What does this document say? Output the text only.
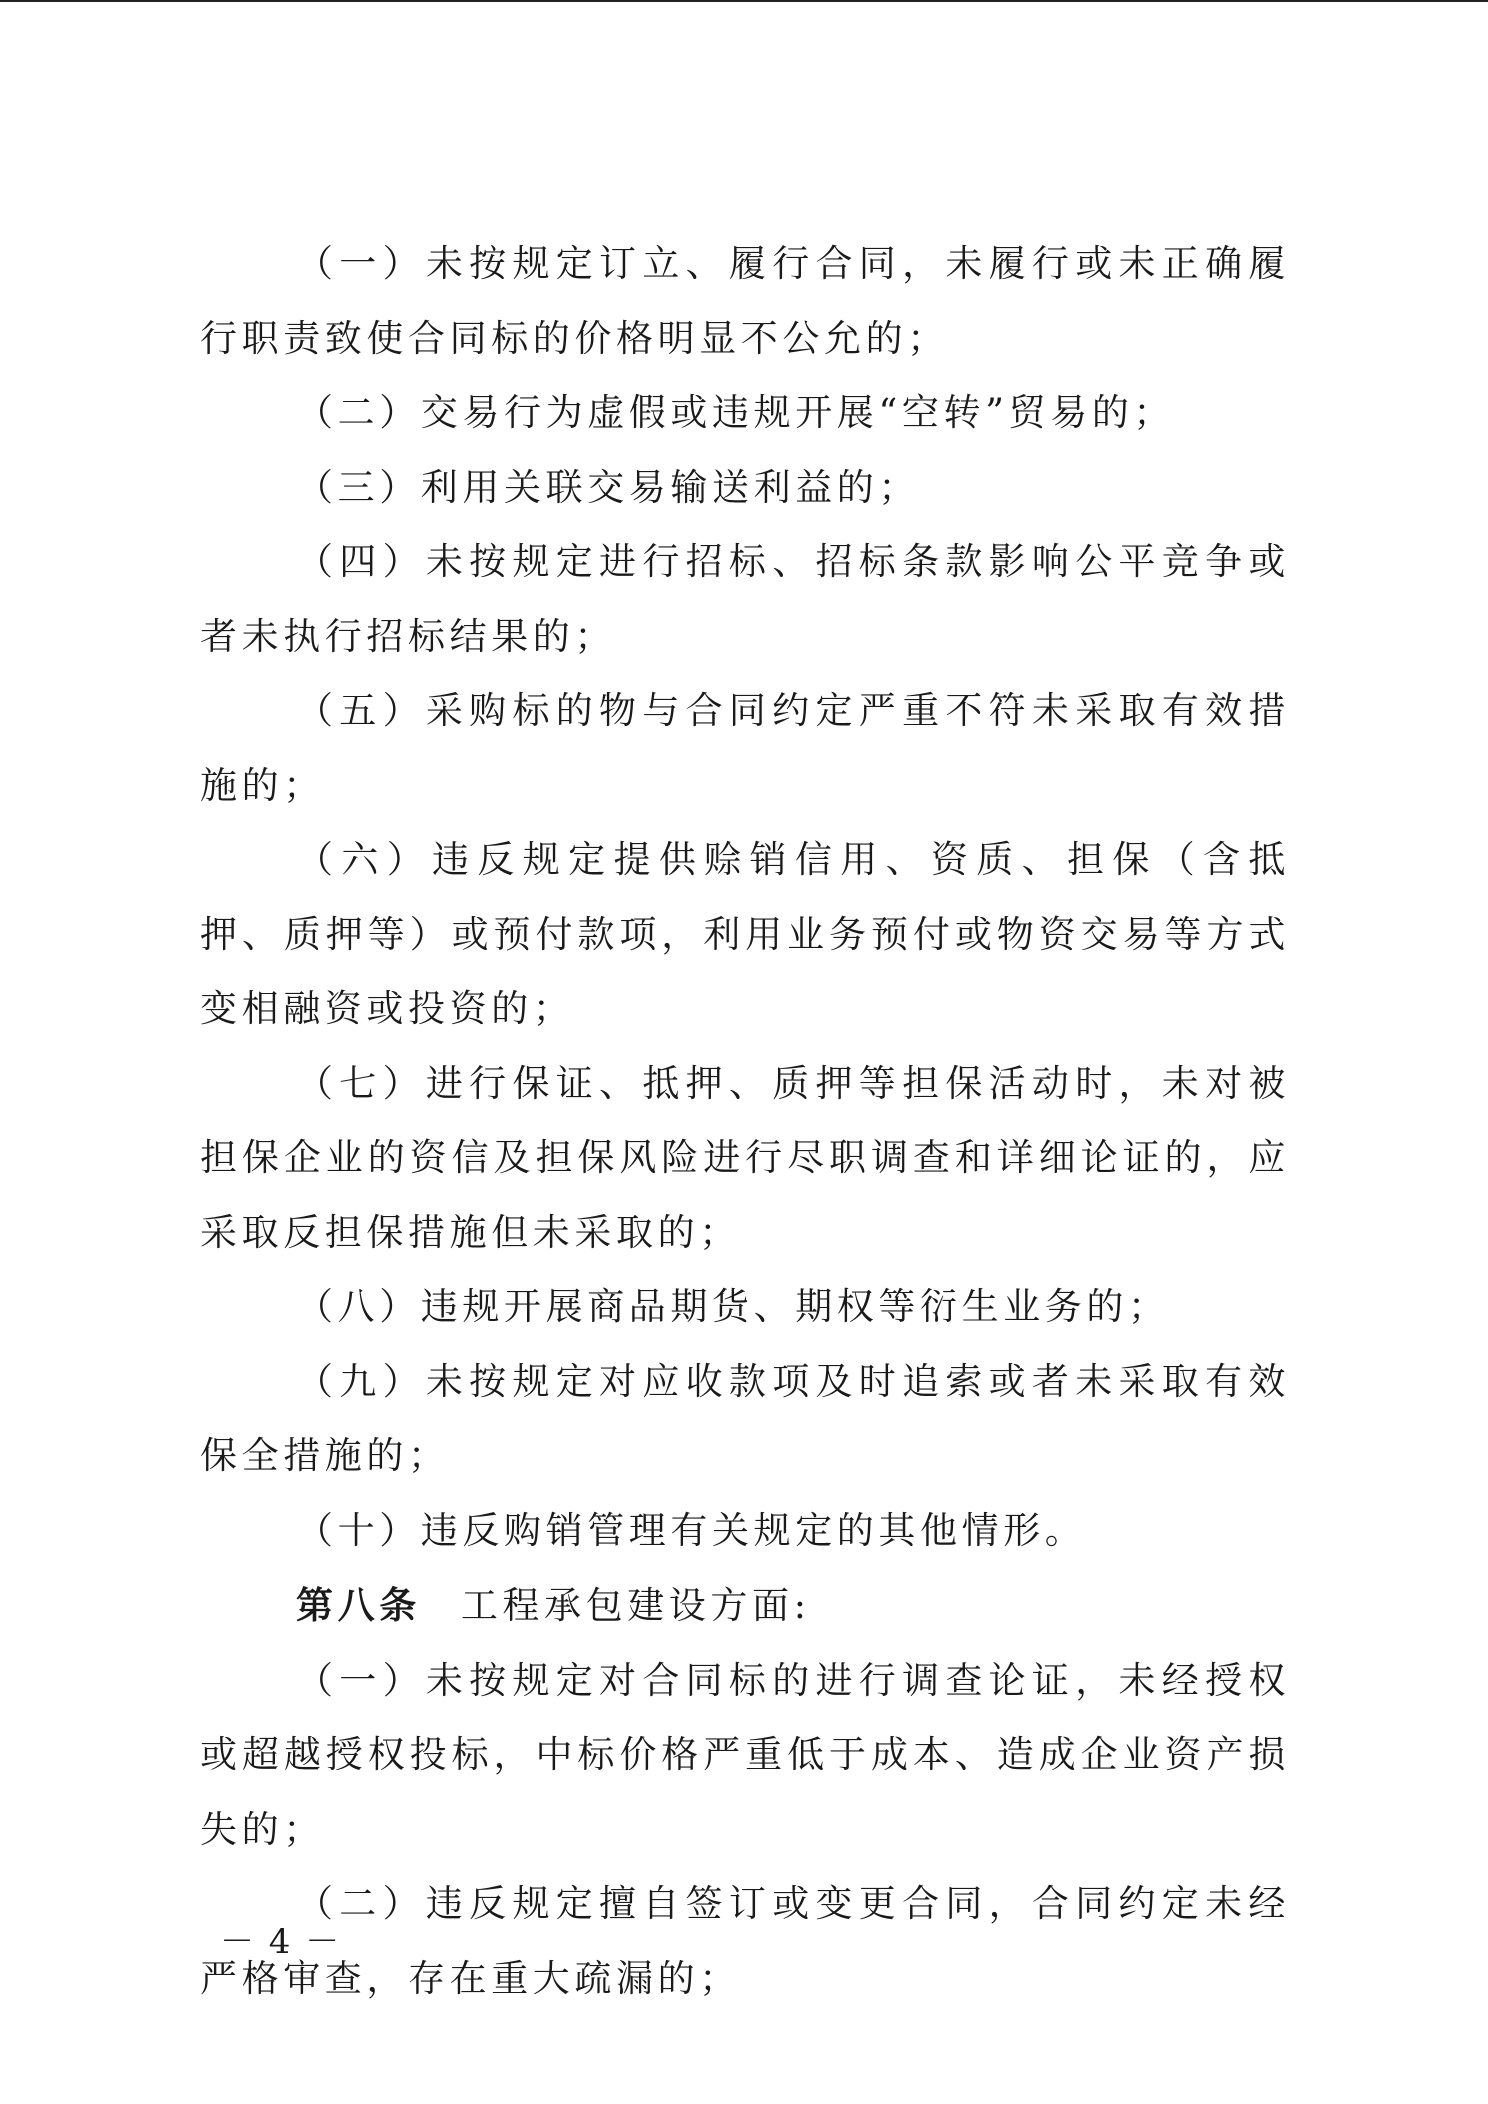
（一）未按规定订立、履行合同，未履行或未正确履行职责致使合同标的价格明显不公允的；

（二）交易行为虚假或违规开展“空转”贸易的；

（三）利用关联交易输送利益的；

（四）未按规定进行招标、招标条款影响公平竞争或者未执行招标结果的；

（五）采购标的物与合同约定严重不符未采取有效措施的；

（六）违反规定提供赊销信用、资质、担保（含抵押、质押等）或预付款项，利用业务预付或物资交易等方式变相融资或投资的；

（七）进行保证、抵押、质押等担保活动时，未对被担保企业的资信及担保风险进行尽职调查和详细论证的，应采取反担保措施但未采取的；

（八）违规开展商品期货、期权等衍生业务的；

（九）未按规定对应收款项及时追索或者未采取有效保全措施的；

（十）违反购销管理有关规定的其他情形。

第八条 工程承包建设方面:

（一）未按规定对合同标的进行调查论证，未经授权或超越授权投标，中标价格严重低于成本、造成企业资产损失的；

（二）违反规定擅自签订或变更合同，合同约定未经严格审查，存在重大疏漏的；

－ 4 －
